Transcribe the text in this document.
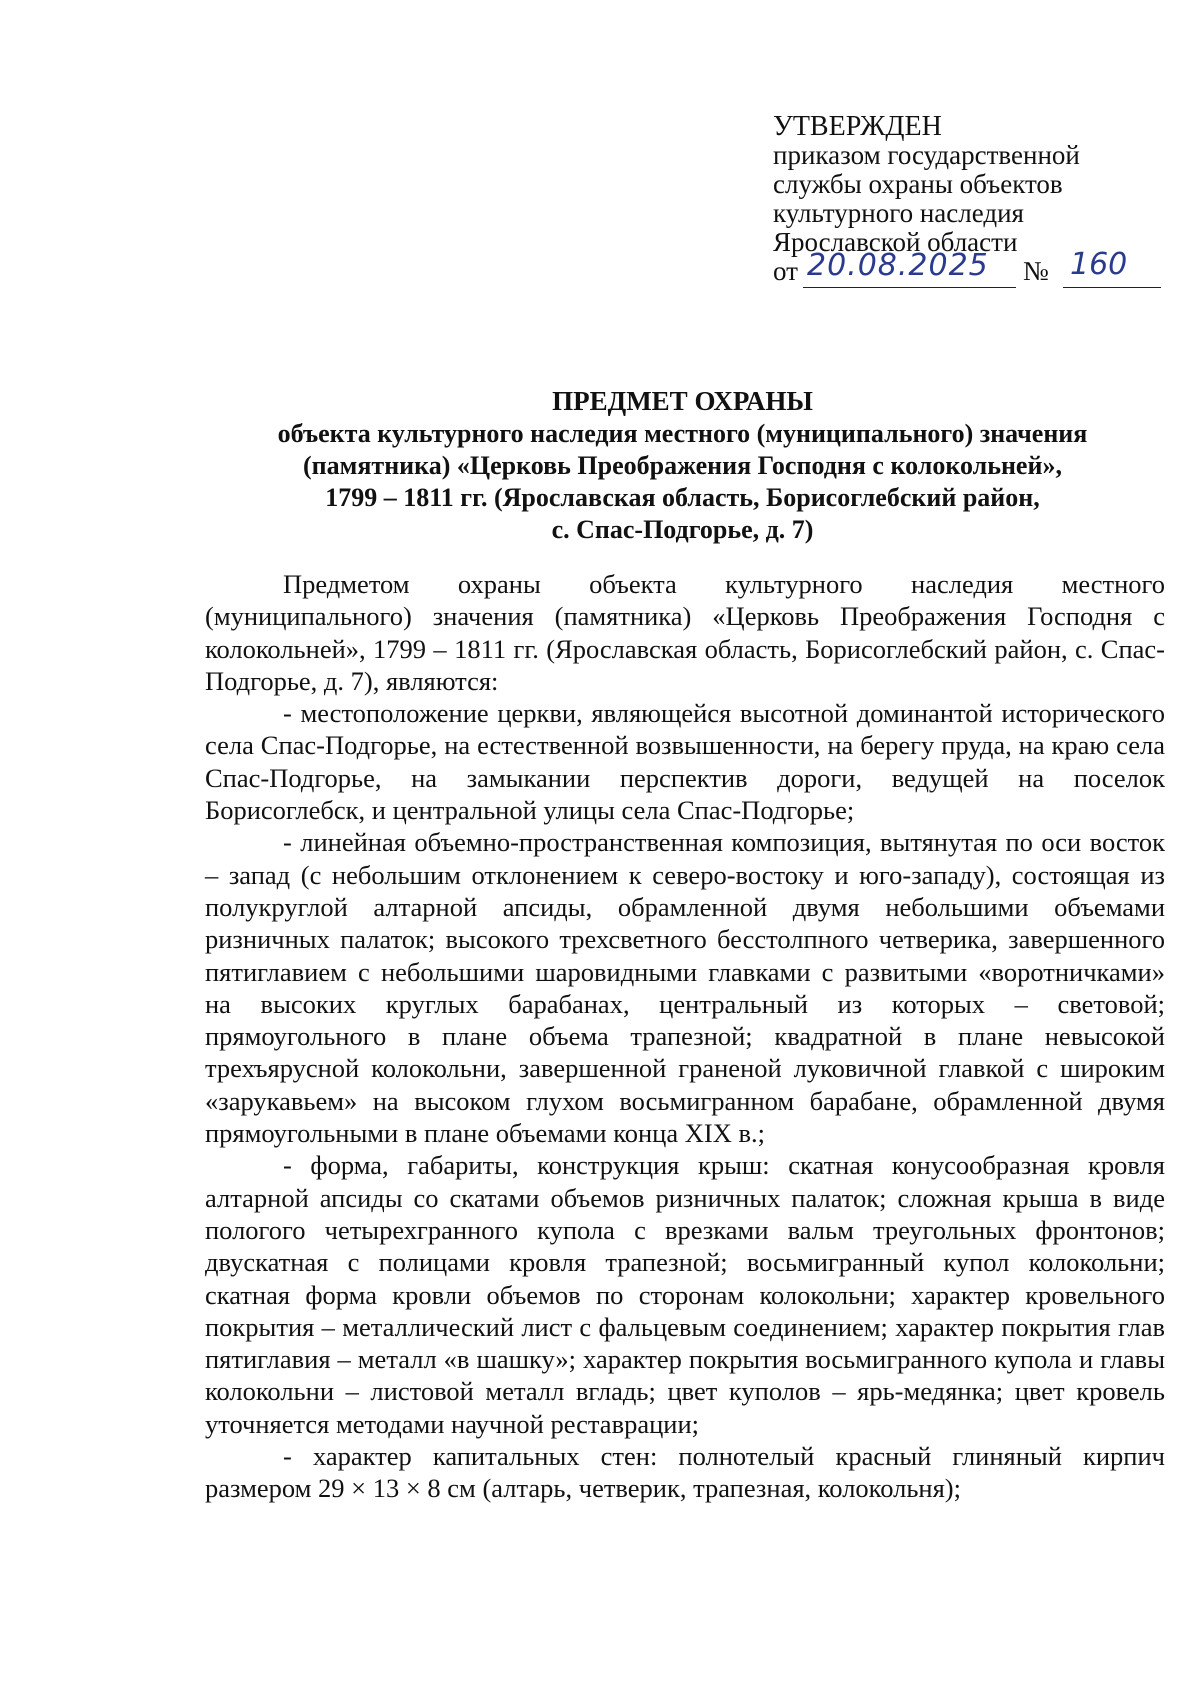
УТВЕРЖДЕН
приказом государственной
службы охраны объектов
культурного наследия
Ярославской области
от 20.08.2025 № 160
ПРЕДМЕТ ОХРАНЫ
объекта культурного наследия местного (муниципального) значения
(памятника) «Церковь Преображения Господня с колокольней»,
1799 – 1811 гг. (Ярославская область, Борисоглебский район,
с. Спас-Подгорье, д. 7)

Предметом охраны объекта культурного наследия местного (муниципального) значения (памятника) «Церковь Преображения Господня с колокольней», 1799 – 1811 гг. (Ярославская область, Борисоглебский район, с. Спас-Подгорье, д. 7), являются:

- местоположение церкви, являющейся высотной доминантой исторического села Спас-Подгорье, на естественной возвышенности, на берегу пруда, на краю села Спас-Подгорье, на замыкании перспектив дороги, ведущей на поселок Борисоглебск, и центральной улицы села Спас-Подгорье;

- линейная объемно-пространственная композиция, вытянутая по оси восток – запад (с небольшим отклонением к северо-востоку и юго-западу), состоящая из полукруглой алтарной апсиды, обрамленной двумя небольшими объемами ризничных палаток; высокого трехсветного бесстолпного четверика, завершенного пятиглавием с небольшими шаровидными главками с развитыми «воротничками» на высоких круглых барабанах, центральный из которых – световой; прямоугольного в плане объема трапезной; квадратной в плане невысокой трехъярусной колокольни, завершенной граненой луковичной главкой с широким «зарукавьем» на высоком глухом восьмигранном барабане, обрамленной двумя прямоугольными в плане объемами конца XIX в.;

- форма, габариты, конструкция крыш: скатная конусообразная кровля алтарной апсиды со скатами объемов ризничных палаток; сложная крыша в виде пологого четырехгранного купола с врезками вальм треугольных фронтонов; двускатная с полицами кровля трапезной; восьмигранный купол колокольни; скатная форма кровли объемов по сторонам колокольни; характер кровельного покрытия – металлический лист с фальцевым соединением; характер покрытия глав пятиглавия – металл «в шашку»; характер покрытия восьмигранного купола и главы колокольни – листовой металл вгладь; цвет куполов – ярь-медянка; цвет кровель уточняется методами научной реставрации;

- характер капитальных стен: полнотелый красный глиняный кирпич размером 29 × 13 × 8 см (алтарь, четверик, трапезная, колокольня);
